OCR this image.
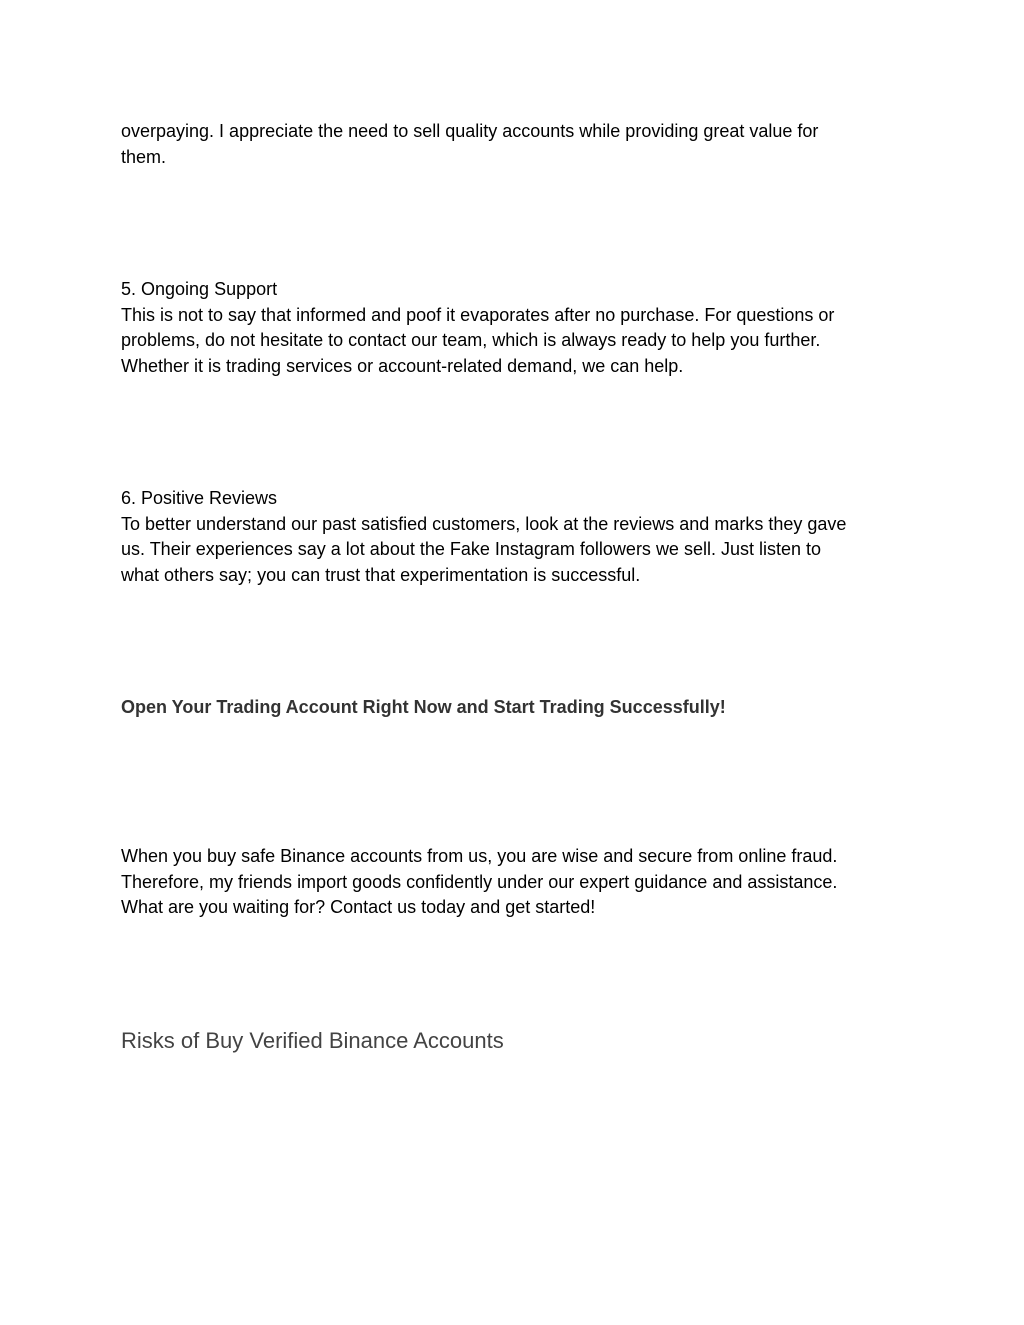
overpaying. I appreciate the need to sell quality accounts while providing great value for

them.

5. Ongoing Support

This is not to say that informed and poof it evaporates after no purchase. For questions or

problems, do not hesitate to contact our team, which is always ready to help you further.

Whether it is trading services or account-related demand, we can help.

6. Positive Reviews

To better understand our past satisfied customers, look at the reviews and marks they gave

us. Their experiences say a lot about the Fake Instagram followers we sell. Just listen to

what others say; you can trust that experimentation is successful.

Open Your Trading Account Right Now and Start Trading Successfully!

When you buy safe Binance accounts from us, you are wise and secure from online fraud.

Therefore, my friends import goods confidently under our expert guidance and assistance.

What are you waiting for? Contact us today and get started!

Risks of Buy Verified Binance Accounts
